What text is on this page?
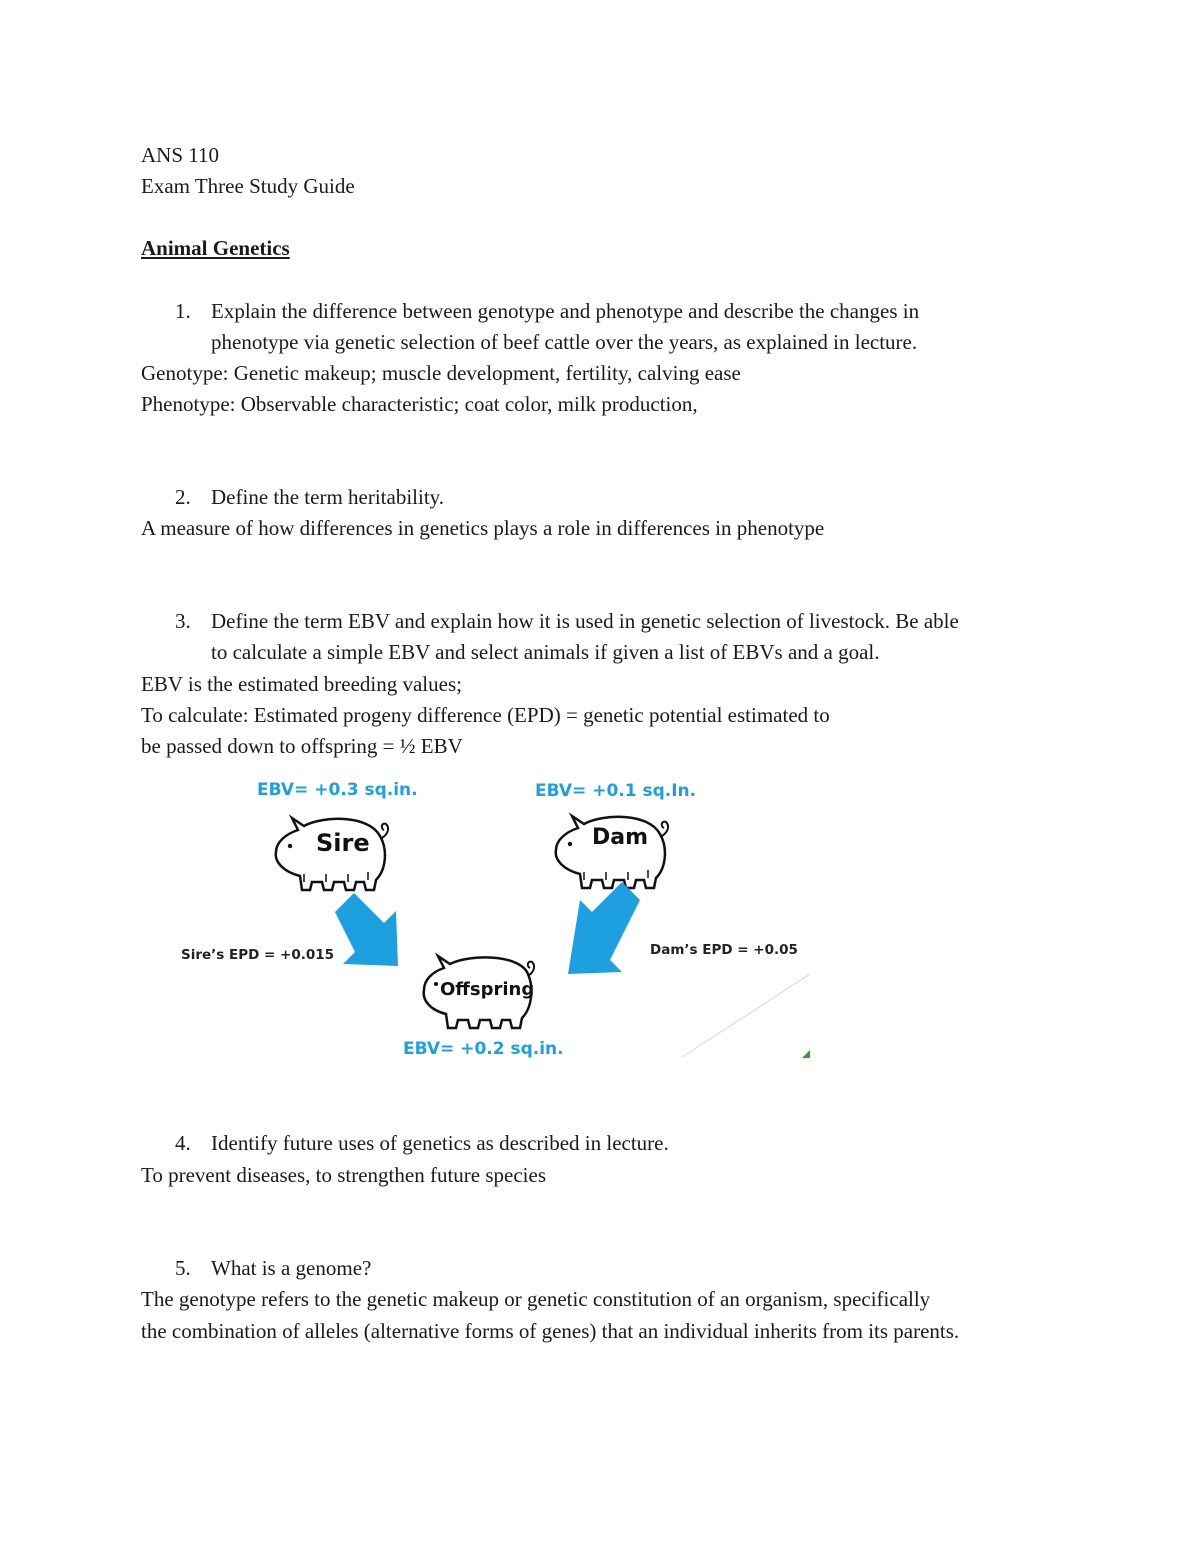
ANS 110
Exam Three Study Guide
Animal Genetics
1. Explain the difference between genotype and phenotype and describe the changes in
phenotype via genetic selection of beef cattle over the years, as explained in lecture.
Genotype: Genetic makeup; muscle development, fertility, calving ease
Phenotype: Observable characteristic; coat color, milk production,
2. Define the term heritability.
A measure of how differences in genetics plays a role in differences in phenotype
3. Define the term EBV and explain how it is used in genetic selection of livestock. Be able
to calculate a simple EBV and select animals if given a list of EBVs and a goal.
EBV is the estimated breeding values;
To calculate: Estimated progeny difference (EPD) = genetic potential estimated to
be passed down to offspring = ½ EBV
EBV= +0.3 sq.in.	EBV= +0.1 sq.In.
Sire	Dam
Sire’s EPD = +0.015	Dam’s EPD = +0.05
Offspring
EBV= +0.2 sq.in.
4. Identify future uses of genetics as described in lecture.
To prevent diseases, to strengthen future species
5. What is a genome?
The genotype refers to the genetic makeup or genetic constitution of an organism, specifically
the combination of alleles (alternative forms of genes) that an individual inherits from its parents.
